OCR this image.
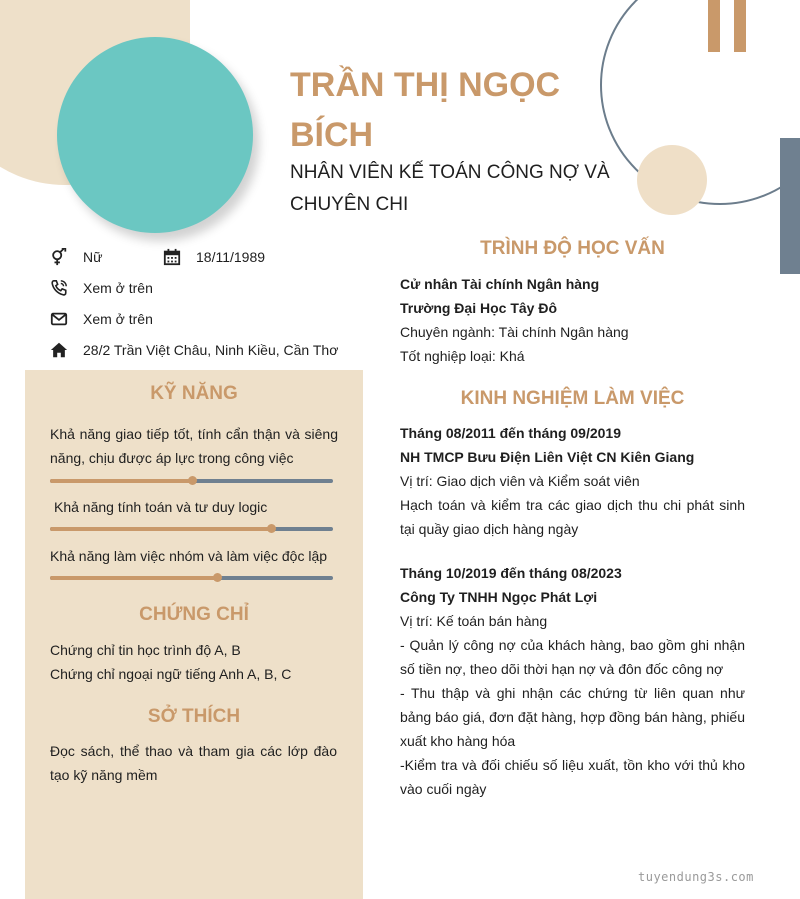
TRẦN THỊ NGỌC BÍCH

NHÂN VIÊN KẾ TOÁN CÔNG NỢ VÀ CHUYÊN CHI

Nữ	18/11/1989
Xem ở trên
Xem ở trên
28/2 Trần Việt Châu, Ninh Kiều, Cần Thơ
KỸ NĂNG

Khả năng giao tiếp tốt, tính cẩn thận và siêng năng, chịu được áp lực trong công việc

Khả năng tính toán và tư duy logic

Khả năng làm việc nhóm và làm việc độc lập

CHỨNG CHỈ

Chứng chỉ tin học trình độ A, B

Chứng chỉ ngoại ngữ tiếng Anh A, B, C

SỞ THÍCH

Đọc sách, thể thao và tham gia các lớp đào tạo kỹ năng mềm

TRÌNH ĐỘ HỌC VẤN

Cử nhân Tài chính Ngân hàng

Trường Đại Học Tây Đô

Chuyên ngành: Tài chính Ngân hàng

Tốt nghiệp loại: Khá

KINH NGHIỆM LÀM VIỆC

Tháng 08/2011 đến tháng 09/2019

NH TMCP Bưu Điện Liên Việt CN Kiên Giang

Vị trí: Giao dịch viên và Kiểm soát viên

Hạch toán và kiểm tra các giao dịch thu chi phát sinh tại quầy giao dịch hàng ngày

Tháng 10/2019 đến tháng 08/2023

Công Ty TNHH Ngọc Phát Lợi

Vị trí: Kế toán bán hàng

- Quản lý công nợ của khách hàng, bao gồm ghi nhận số tiền nợ, theo dõi thời hạn nợ và đôn đốc công nợ

- Thu thập và ghi nhận các chứng từ liên quan như bảng báo giá, đơn đặt hàng, hợp đồng bán hàng, phiếu xuất kho hàng hóa

-Kiểm tra và đối chiếu số liệu xuất, tồn kho với thủ kho vào cuối ngày

tuyendung3s.com
